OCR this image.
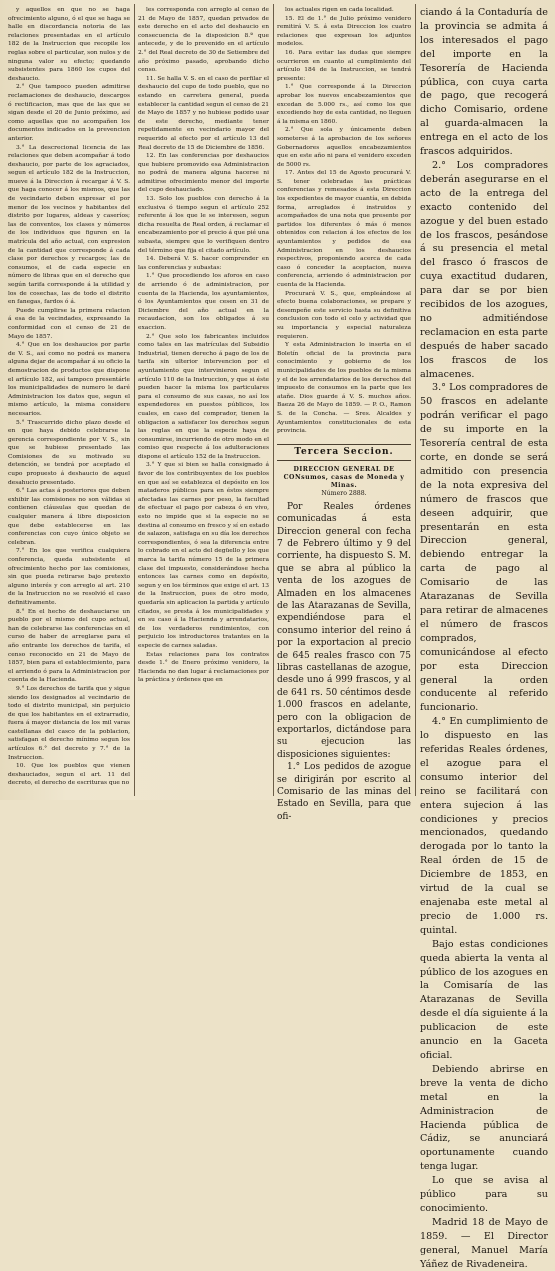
y aquellos en que no se haga ofrecimiento alguno, ó el que se haga se halle en discordancia notoria de las relaciones presentadas en el artículo 182 de la Instruccion que recopile los reglas sobre el particular, son nulos y de ninguna valor su efecto; quedando subsistentes para 1860 los cupos del deshaucio.

2.° Que tampoco pueden admitirse reclamaciones de deshaucio, descargos ó rectificacion, mas que de las que se sigan desde el 20 de Junio próximo, así como aquellas que no acompañen los documentos indicados en la prevencion anterior.

3.° La descrecional licencia de las relaciones que deben acompañar á todo deshaucio, por parte de los agraciados, segun el artículo 182 de la Instruccion, mueve á la Direccion á recargar á V. S. que haga conocer á los mismos, que las de vecindario deben expresar el por menor de los vecinos y habitantes del distrito por lugares, aldeas y caseríos; las de conventos, los clases y números de los individuos que figuren en la matrícula del año actual, con expresion de la cantidad que corresponde á cada clase por derechos y recargos; las de consumos, el de cada especie en número de libras que en el derecho que según tarifa corresponde á la utilidad y los de cosechas, las de todo el distrito en fanegas, fardos ó á.

Puede cumplirse la primera relacion á esa de la vecindades, expresando la conformidad con el censo de 21 de Mayo de 1857.

4.° Que en los deshaucios por parte de V. S., así como no podrá es manera alguna dejar de acompañar á su oficio la demostracion de productos que dispone el artículo 182, así tampoco presentárle los municipalidades de numero le daré Administracion los datos que, segun el mismo artículo, la misma considere necesarios.

5.° Trascurrido dicho plazo desde el en que haya debido celebrarse la gerencia correspondiente por V. S., sin que se hubiese presentado las Comisiones de su motivado su detención, se tendrá por aceptado el cupo propuesto á deshaucio de aquel desahucio presentado.

6.° Las actas á posteriores que deben exhibir las comisiones no son válidas si contienen cláusulas que quedan de cualquier manera á libre disposicion que debe establecerse en las conferencias con cuyo único objeto se celebran.

7.° En los que verifica cualquiera conferencia, queda subsistente el ofrecimiento hecho por las comisiones, sin que pueda retirarse bajo pretexto alguno interés y con arreglo al art. 210 de la Instruccion no se resolvió el caso definitivamente.

8.° En el hecho de deshauciarse un pueblo por el mismo del cupo actual, han de celebrarse las conferencias en el curso de haber de arreglarse para el año entrante los derechos de tarifa, el censo reconocido en 21 de Mayo de 1857, bien para el establecimiento, para el arriendo ó para la Administracion por cuenta de la Hacienda.

9.° Los derechos de tarifa que y sigue siendo los designados al vecindario de todo el distrito municipal, sin perjuicio de que los habitantes en el extrarradio, fuera á mayor distancia de los mil varas castellanas del casco de la poblacion, satisfagan el derecho mínimo segun los artículos 6.° del decreto y 7.° de la Instruccion.

10. Que los pueblos que vienen deshauciados, segun el art. 11 del decreto, el derecho de escrituras que no

les corresponda con arreglo al censo de 21 de Mayo de 1857, quedan privados de este derecho en el acto del deshaucio en consecuencia de la disposicion 8.ª que antecede, y de lo prevenido en el artículo 2.° del Real decreto de 30 de Setiembre del año próximo pasado, aprobando dicho censo.

11. Se halla V. S. en el caso de perfilar el deshaucio del cupo de todo pueblo, que no estando en carretera general, pueda establecer la cantidad segun el censo de 21 de Mayo de 1857 y no hubiese podido usar de este derecho, mediante tener repetidamente en vecindario mayor del requerido al efecto por el artículo 13 del Real decreto de 15 de Diciembre de 1856.

12. En las conferencias por deshaucios que hubiere promovido esa Administracion no podrá de manera alguna hacerse ni admitirse ofrecimiento menor del importe del cupo deshauciado.

13. Solo los pueblos con derecho á la exclusiva ó tiempo segun el artículo 252 referente á los que le se interesen, segun dicha resuelta de Real orden, á reclamar el encabezamiento por el precio á que pié una subasta, siempre que lo verifiquen dentro del término que fija el citado artículo.

14. Deberá V. S. hacer comprender en las conferencias y subastas:

1.° Que procediendo los aforos en caso de arriendo ó de administracion, por cuenta de la Hacienda, los ayuntamientos, ó los Ayuntamientos que cesen en 31 de Diciembre del año actual en la recaudacion, son los obligados á su exaccion.

2.° Que solo los fabricantes incluidos como tales en las matrículas del Subsidio Industrial, tienen derecho á pago de los de tarifa sin ulterior intervencion por el ayuntamiento que intervinieron segun el artículo 110 de la Instruccion, y que si éste pueden hacer la misma los particulares para el consumo de sus casas, no así los expendedores en puestos públicos, los cuales, en caso del comprador, tienen la obligacion a satisfacer los derechos segun las reglas en que la especie haya de consumirse, incurriendo de otro modo en el comiso que respecte á los adulteraciones dispone el artículo 152 de la Instruccion.

3.° Y que si bien se halla consignado á favor de los contribuyentes de los pueblos en que así se establezca el depósito en los mataderos públicos para en éstos siempre afectadas las carnes por peso, la facultad de efectuar el pago por cabeza ó en vivo, esto no impide que si la especie no se destina al consumo en fresco y sí en estado de salazon, satisfaga en su día los derechos correspondientes, ó sea la diferencia entre lo cobrado en el acto del degüello y los que marca la tarifa número 15 de la primera clase del impuesto, considerándose hecha entonces las carnes como en depósito, segun y en los términos que exige el art. 13 de la Instruccion, pues de otro modo, quedaría sin aplicacion la partida y artículo citados, se presta á los municipalidades y en su caso á la Hacienda y arrendatarios, de los verdaderos rendimientos, con perjuicio los introductores tratantes en la especie de carnes saladas.

Estas relaciones para los contratos desde 1.° de Enero próximo venidero, la Hacienda no dan lugar á reclamaciones por la práctica y órdenes que en

los actuales rigen en cada localidad.

15. El de 1.° de Julio próximo venidero remitirá V. S. á esta Direccion los cuatro relaciones que expresan los adjuntos modelos.

16. Para evitar las dudas que siempre ocurrieron en cuanto al cumplimiento del artículo 184 de la Instruccion, se tendrá presente:

1.° Que corresponde á la Direccion aprobar los nuevos encabezamientos que excedan de 5.000 rs., así como los que excediendo hoy de esta cantidad, no lleguen á la misma en 1860.

2.° Que sola y únicamente deben someterse á la aprobacion de los señores Gobernadores aquellos encabezamientos que en este año ni para el venidero exceden de 5000 rs.

17. Antes del 15 de Agosto procurará V. S. tener celebradas las prácticas conferencias y remesados á esta Direccion los expedientes de mayor cuantía, en debida forma, arreglados é instruidos y acompañados de una nota que presente por partidos los diferentes ó más ó menos obtenidos con relacion á los efectos de los ayuntamientos y pedidos de esa Administracion en los deshaucios respectivos, proponiendo acerca de cada caso ó conceder la aceptacion, nueva conferencia, arriendo ó administracion por cuenta de la Hacienda.

Procurará V. S., que, empleándose al efecto buena colaboraciones, se prepare y desempeñe este servicio hasta su definitiva conclusion con todo el celo y actividad que su importancia y especial naturaleza requieren.

Y esta Administracion lo inserta en el Boletín oficial de la provincia para conocimiento y gobierno de los municipalidades de los pueblos de la misma y el de los arrendatarios de los derechos del impuesto de consumos en la parte que les atañe. Dios guarde á V. S. muchos años. Baeza 26 de Mayo de 1859. — P. O., Ramon S. de la Concha. — Sres. Alcaldes y Ayuntamientos constitucionales de esta provincia.

Tercera Seccion.
DIRECCION GENERAL DE CONsumos, casas de Moneda y Minas.
Número 2888.

Por Reales órdenes comunicadas á esta Direccion general con fecha 7 de Febrero último y 9 del corriente, ha dispuesto S. M. que se abra al público la venta de los azogues de Almaden en los almacenes de las Atarazanas de Sevilla, expendiéndose para el consumo interior del reino á por la exportacion al precio de 645 reales frasco con 75 libras castellanas de azogue, desde uno á 999 frascos, y al de 641 rs. 50 céntimos desde 1.000 frascos en adelante, pero con la obligacion de exportarlos, dictándose para su ejecucion las disposiciones siguientes:

1.° Los pedidos de azogue se dirigirán por escrito al Comisario de las minas del Estado en Sevilla, para que ofi-

ciando á la Contaduría de la provincia se admita á los interesados el pago del importe en la Tesorería de Hacienda pública, con cuya carta de pago, que recogerá dicho Comisario, ordene al guarda-almacen la entrega en el acto de los frascos adquiridos.

2.° Los compradores deberán asegurarse en el acto de la entrega del exacto contenido del azogue y del buen estado de los frascos, pesándose á su presencia el metal del frasco ó frascos de cuya exactitud dudaren, para dar se por bien recibidos de los azogues, no admitiéndose reclamacion en esta parte después de haber sacado los frascos de los almacenes.

3.° Los compradores de 50 frascos en adelante podrán verificar el pago de su importe en la Tesorería central de esta corte, en donde se será admitido con presencia de la nota expresiva del número de frascos que deseen adquirir, que presentarán en esta Direccion general, debiendo entregar la carta de pago al Comisario de las Atarazanas de Sevilla para retirar de almacenes el número de frascos comprados, comunicándose al efecto por esta Direccion general la orden conducente al referido funcionario.

4.° En cumplimiento de lo dispuesto en las referidas Reales órdenes, el azogue para el consumo interior del reino se facilitará con entera sujecion á las condiciones y precios mencionados, quedando derogada por lo tanto la Real órden de 15 de Diciembre de 1853, en virtud de la cual se enajenaba este metal al precio de 1.000 rs. quintal.

Bajo estas condiciones queda abierta la venta al público de los azogues en la Comisaría de las Atarazanas de Sevilla desde el día siguiente á la publicacion de este anuncio en la Gaceta oficial.

Debiendo abrirse en breve la venta de dicho metal en la Administracion de Hacienda pública de Cádiz, se anunciará oportunamente cuando tenga lugar.

Lo que se avisa al público para su conocimiento.

Madrid 18 de Mayo de 1859. — El Director general, Manuel María Yáñez de Rivadeneira.
